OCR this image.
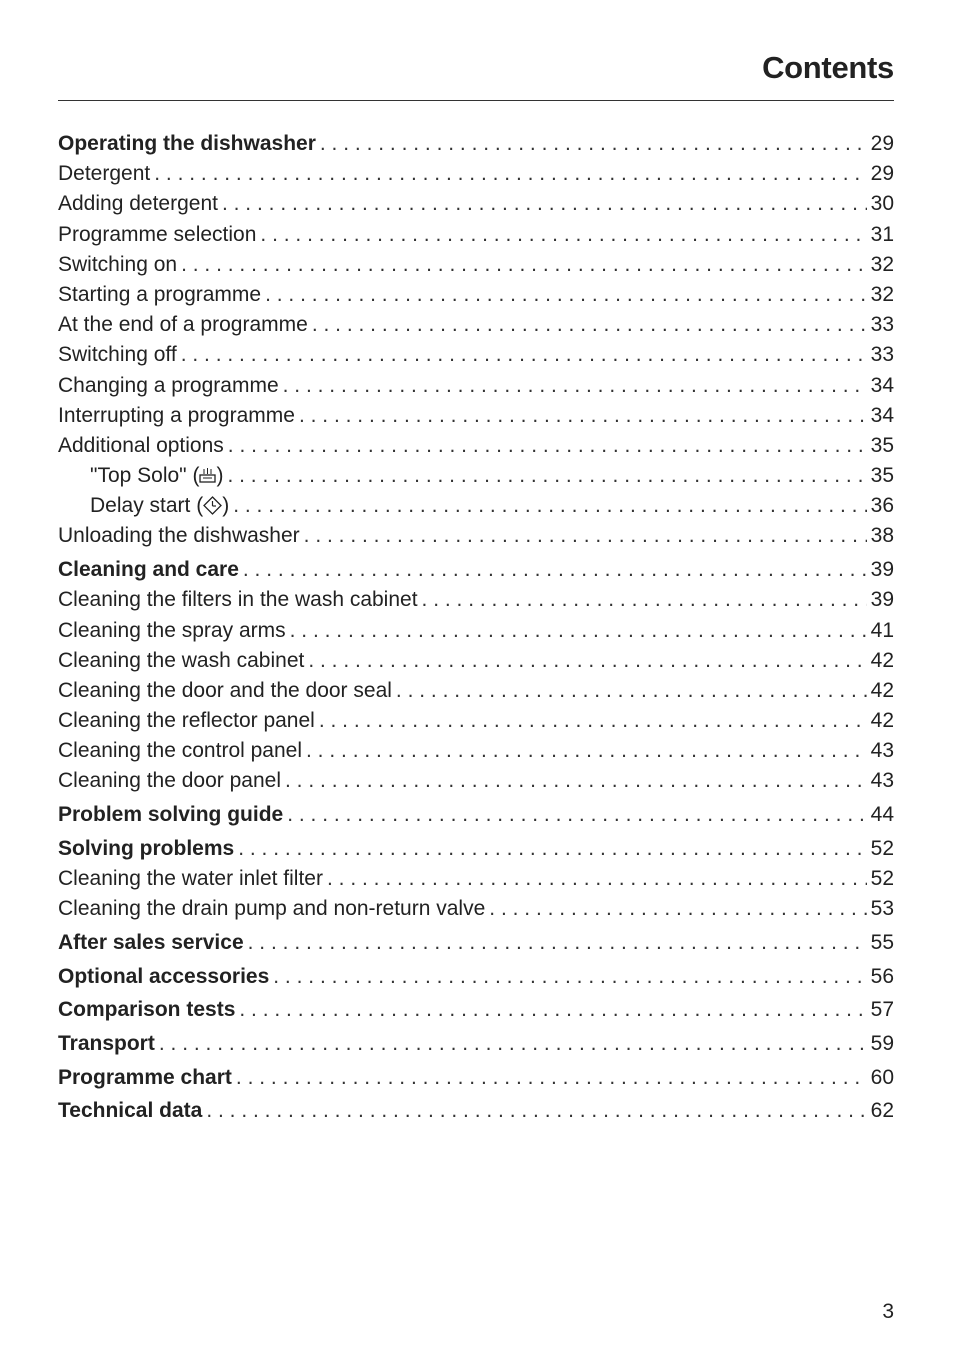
Contents
Operating the dishwasher . . .	29
Detergent . . .	29
Adding detergent . . .	30
Programme selection . . .	31
Switching on . . .	32
Starting a programme . . .	32
At the end of a programme . . .	33
Switching off . . .	33
Changing a programme . . .	34
Interrupting a programme . . .	34
Additional options . . .	35
"Top Solo" ( ) . . .	35
Delay start ( ) . . .	36
Unloading the dishwasher . . .	38
Cleaning and care . . .	39
Cleaning the filters in the wash cabinet . . .	39
Cleaning the spray arms . . .	41
Cleaning the wash cabinet . . .	42
Cleaning the door and the door seal . . .	42
Cleaning the reflector panel . . .	42
Cleaning the control panel . . .	43
Cleaning the door panel . . .	43
Problem solving guide . . .	44
Solving problems . . .	52
Cleaning the water inlet filter . . .	52
Cleaning the drain pump and non-return valve . . .	53
After sales service . . .	55
Optional accessories . . .	56
Comparison tests . . .	57
Transport . . .	59
Programme chart . . .	60
Technical data . . .	62
3
